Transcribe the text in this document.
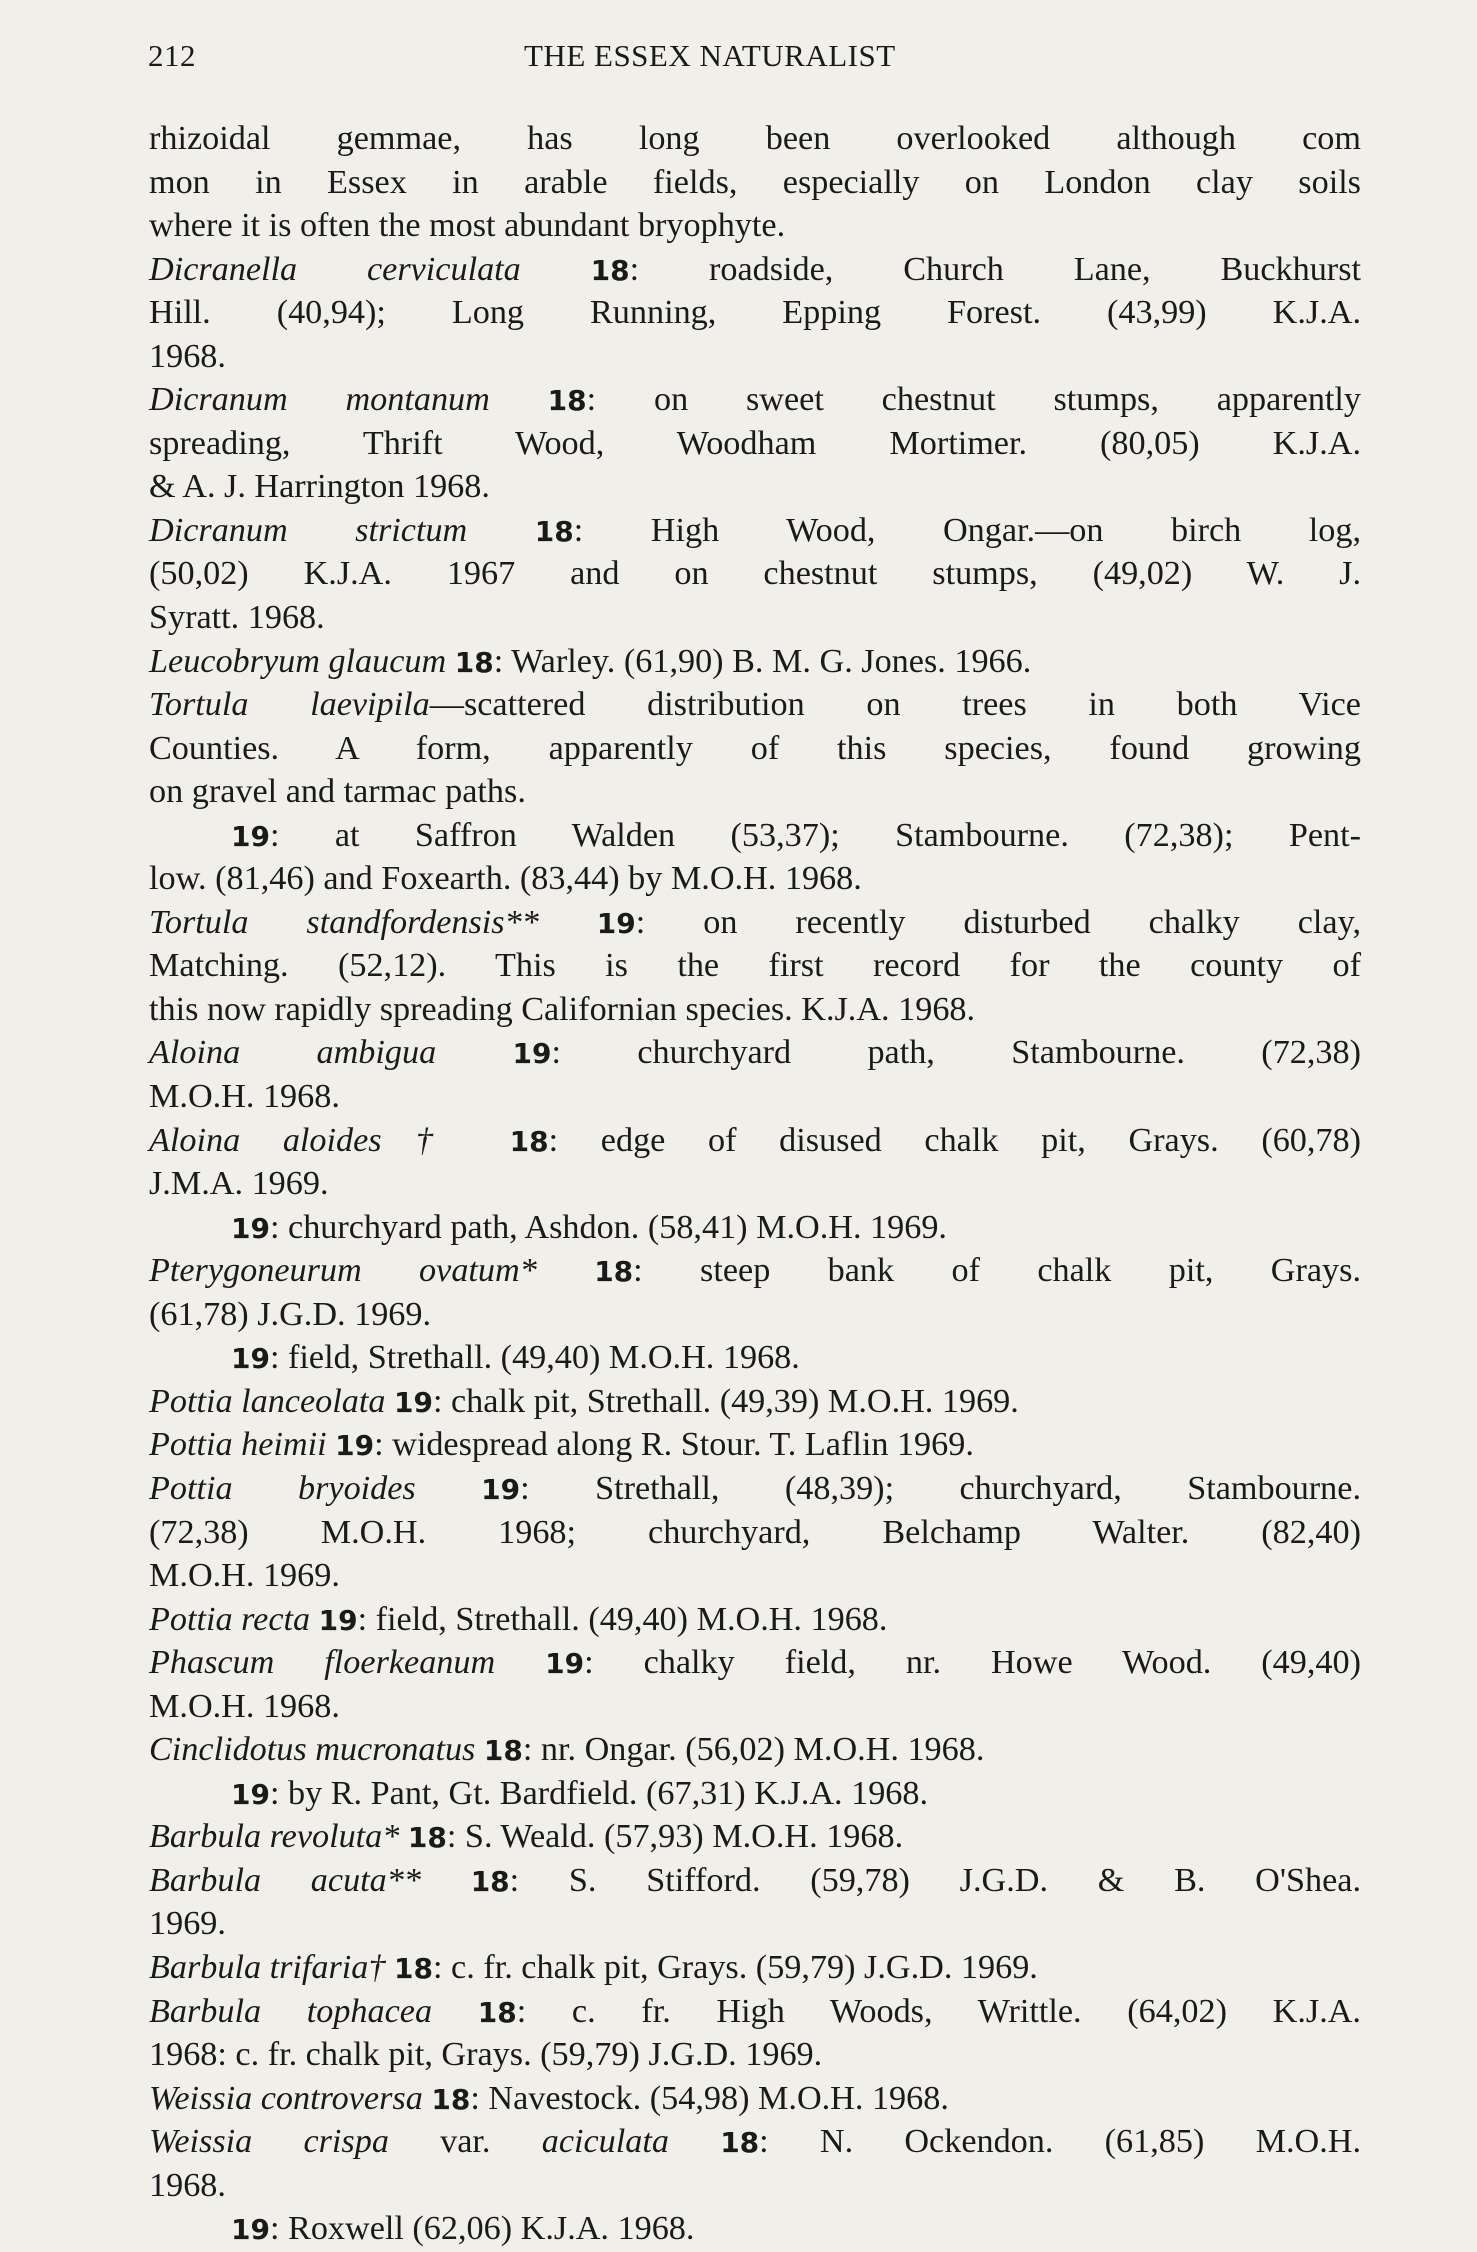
212	THE ESSEX NATURALIST
rhizoidal gemmae, has long been overlooked although com
mon in Essex in arable fields, especially on London clay soils
where it is often the most abundant bryophyte.
Dicranella cerviculata 18: roadside, Church Lane, Buckhurst
Hill. (40,94); Long Running, Epping Forest. (43,99) K.J.A.
1968.
Dicranum montanum 18: on sweet chestnut stumps, apparently
spreading, Thrift Wood, Woodham Mortimer. (80,05) K.J.A.
& A. J. Harrington 1968.
Dicranum strictum 18: High Wood, Ongar.—on birch log,
(50,02) K.J.A. 1967 and on chestnut stumps, (49,02) W. J.
Syratt. 1968.
Leucobryum glaucum 18: Warley. (61,90) B. M. G. Jones. 1966.
Tortula laevipila—scattered distribution on trees in both Vice
Counties. A form, apparently of this species, found growing
on gravel and tarmac paths.
19: at Saffron Walden (53,37); Stambourne. (72,38); Pent-
low. (81,46) and Foxearth. (83,44) by M.O.H. 1968.
Tortula standfordensis** 19: on recently disturbed chalky clay,
Matching. (52,12). This is the first record for the county of
this now rapidly spreading Californian species. K.J.A. 1968.
Aloina ambigua	19: churchyard path, Stambourne. (72,38)
M.O.H. 1968.
Aloina aloides† 18: edge of disused chalk pit, Grays. (60,78)
J.M.A. 1969.
19: churchyard path, Ashdon. (58,41) M.O.H. 1969.
Pterygoneurum ovatum* 18: steep bank of chalk pit, Grays.
(61,78) J.G.D. 1969.
19: field, Strethall. (49,40) M.O.H. 1968.
Pottia lanceolata 19: chalk pit, Strethall. (49,39) M.O.H. 1969.
Pottia heimii 19: widespread along R. Stour. T. Laflin 1969.
Pottia bryoides 19: Strethall, (48,39); churchyard, Stambourne.
(72,38) M.O.H. 1968; churchyard, Belchamp Walter. (82,40)
M.O.H. 1969.
Pottia recta 19: field, Strethall. (49,40) M.O.H. 1968.
Phascum floerkeanum 19: chalky field, nr. Howe Wood. (49,40)
M.O.H. 1968.
Cinclidotus mucronatus 18: nr. Ongar. (56,02) M.O.H. 1968.
19: by R. Pant, Gt. Bardfield. (67,31) K.J.A. 1968.
Barbula revoluta* 18: S. Weald. (57,93) M.O.H. 1968.
Barbula acuta** 18: S. Stifford. (59,78) J.G.D. & B. O'Shea.
1969.
Barbula trifaria† 18: c. fr. chalk pit, Grays. (59,79) J.G.D. 1969.
Barbula tophacea 18: c. fr. High Woods, Writtle. (64,02) K.J.A.
1968: c. fr. chalk pit, Grays. (59,79) J.G.D. 1969.
Weissia controversa 18: Navestock. (54,98) M.O.H. 1968.
Weissia crispa var. aciculata 18: N. Ockendon. (61,85) M.O.H.
1968.
19: Roxwell (62,06) K.J.A. 1968.
